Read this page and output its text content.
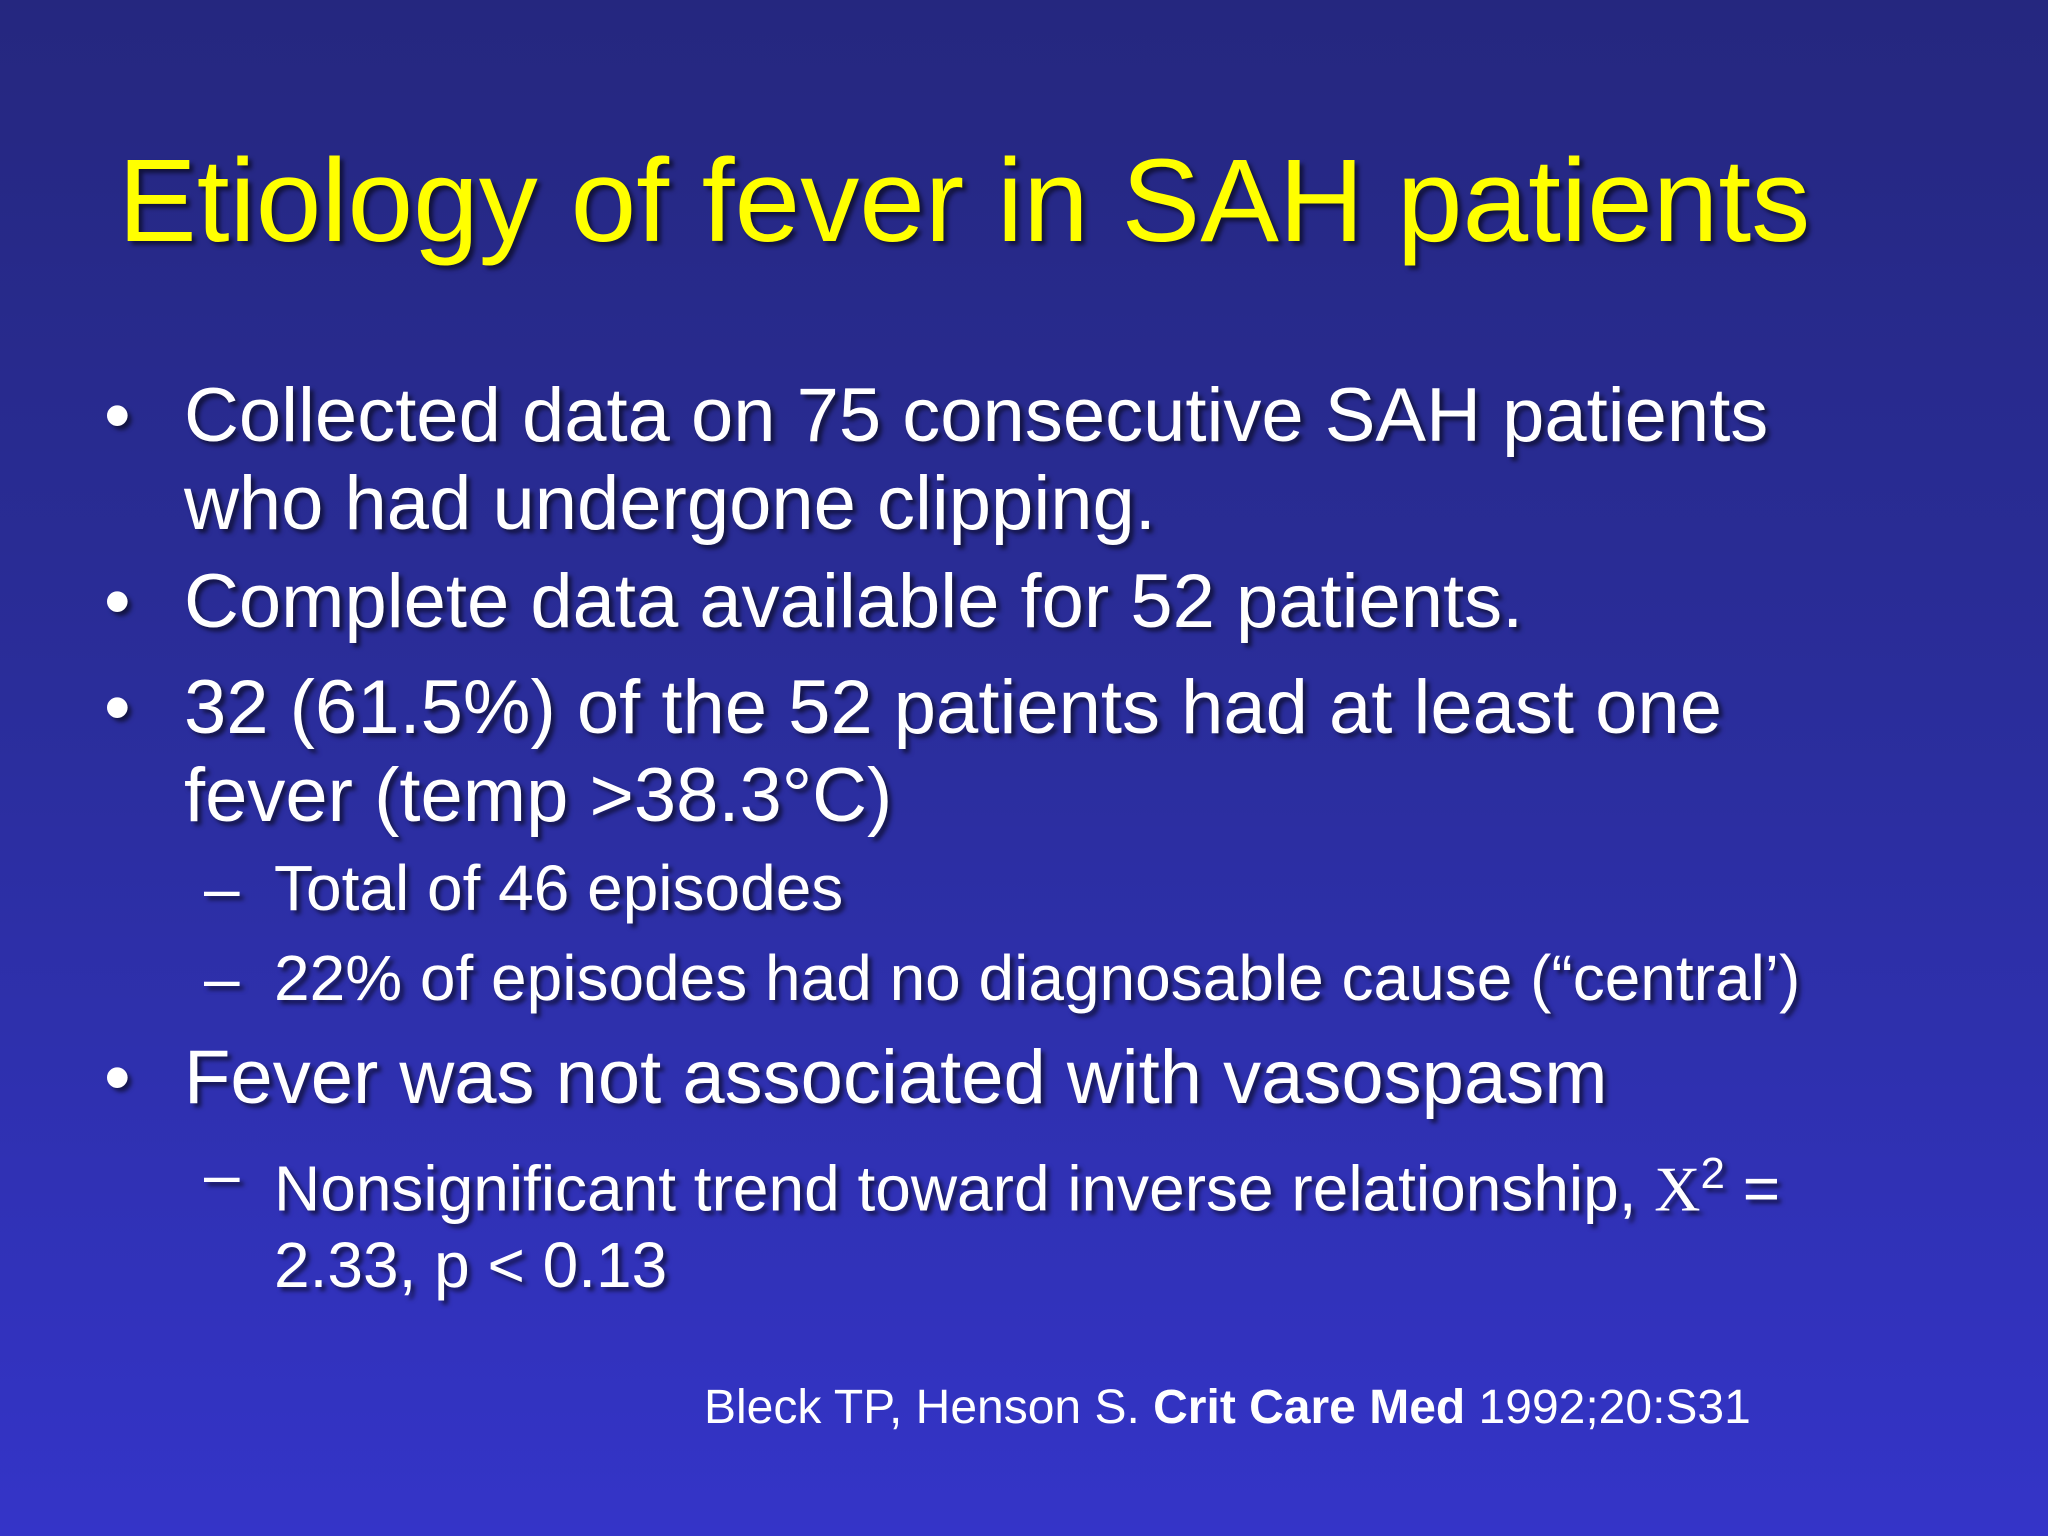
Etiology of fever in SAH patients
• Collected data on 75 consecutive SAH patients
who had undergone clipping.
• Complete data available for 52 patients.
• 32 (61.5%) of the 52 patients had at least one
fever (temp >38.3°C)
– Total of 46 episodes
– 22% of episodes had no diagnosable cause (“central’)
• Fever was not associated with vasospasm
– Nonsignificant trend toward inverse relationship, $X^2$ =
2.33, p < 0.13
Bleck TP, Henson S. Crit Care Med 1992;20:S31
